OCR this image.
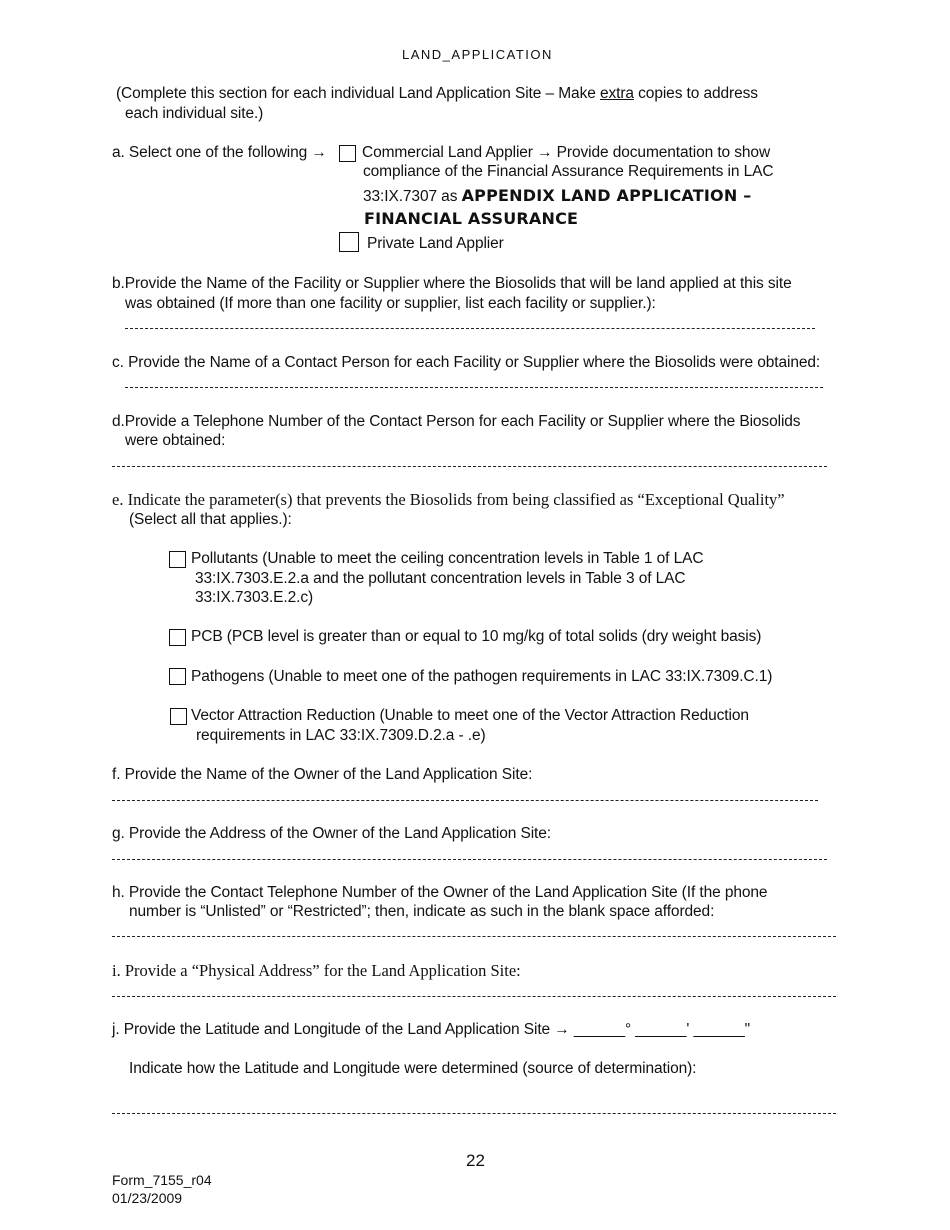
LAND_APPLICATION
(Complete this section for each individual Land Application Site – Make extra copies to address
each individual site.)
a. Select one of the following → Commercial Land Applier → Provide documentation to show
compliance of the Financial Assurance Requirements in LAC
33:IX.7307 as APPENDIX LAND APPLICATION –
FINANCIAL ASSURANCE
Private Land Applier
b.Provide the Name of the Facility or Supplier where the Biosolids that will be land applied at this site
was obtained (If more than one facility or supplier, list each facility or supplier.):
c. Provide the Name of a Contact Person for each Facility or Supplier where the Biosolids were obtained:
d.Provide a Telephone Number of the Contact Person for each Facility or Supplier where the Biosolids
were obtained:
e. Indicate the parameter(s) that prevents the Biosolids from being classified as “Exceptional Quality”
(Select all that applies.):
Pollutants (Unable to meet the ceiling concentration levels in Table 1 of LAC
33:IX.7303.E.2.a and the pollutant concentration levels in Table 3 of LAC
33:IX.7303.E.2.c)
PCB (PCB level is greater than or equal to 10 mg/kg of total solids (dry weight basis)
Pathogens (Unable to meet one of the pathogen requirements in LAC 33:IX.7309.C.1)
Vector Attraction Reduction (Unable to meet one of the Vector Attraction Reduction
requirements in LAC 33:IX.7309.D.2.a - .e)
f. Provide the Name of the Owner of the Land Application Site:
g. Provide the Address of the Owner of the Land Application Site:
h. Provide the Contact Telephone Number of the Owner of the Land Application Site (If the phone
number is “Unlisted” or “Restricted”; then, indicate as such in the blank space afforded:
i. Provide a “Physical Address” for the Land Application Site:
j. Provide the Latitude and Longitude of the Land Application Site → ______° ______' ______"
Indicate how the Latitude and Longitude were determined (source of determination):
22
Form_7155_r04
01/23/2009
